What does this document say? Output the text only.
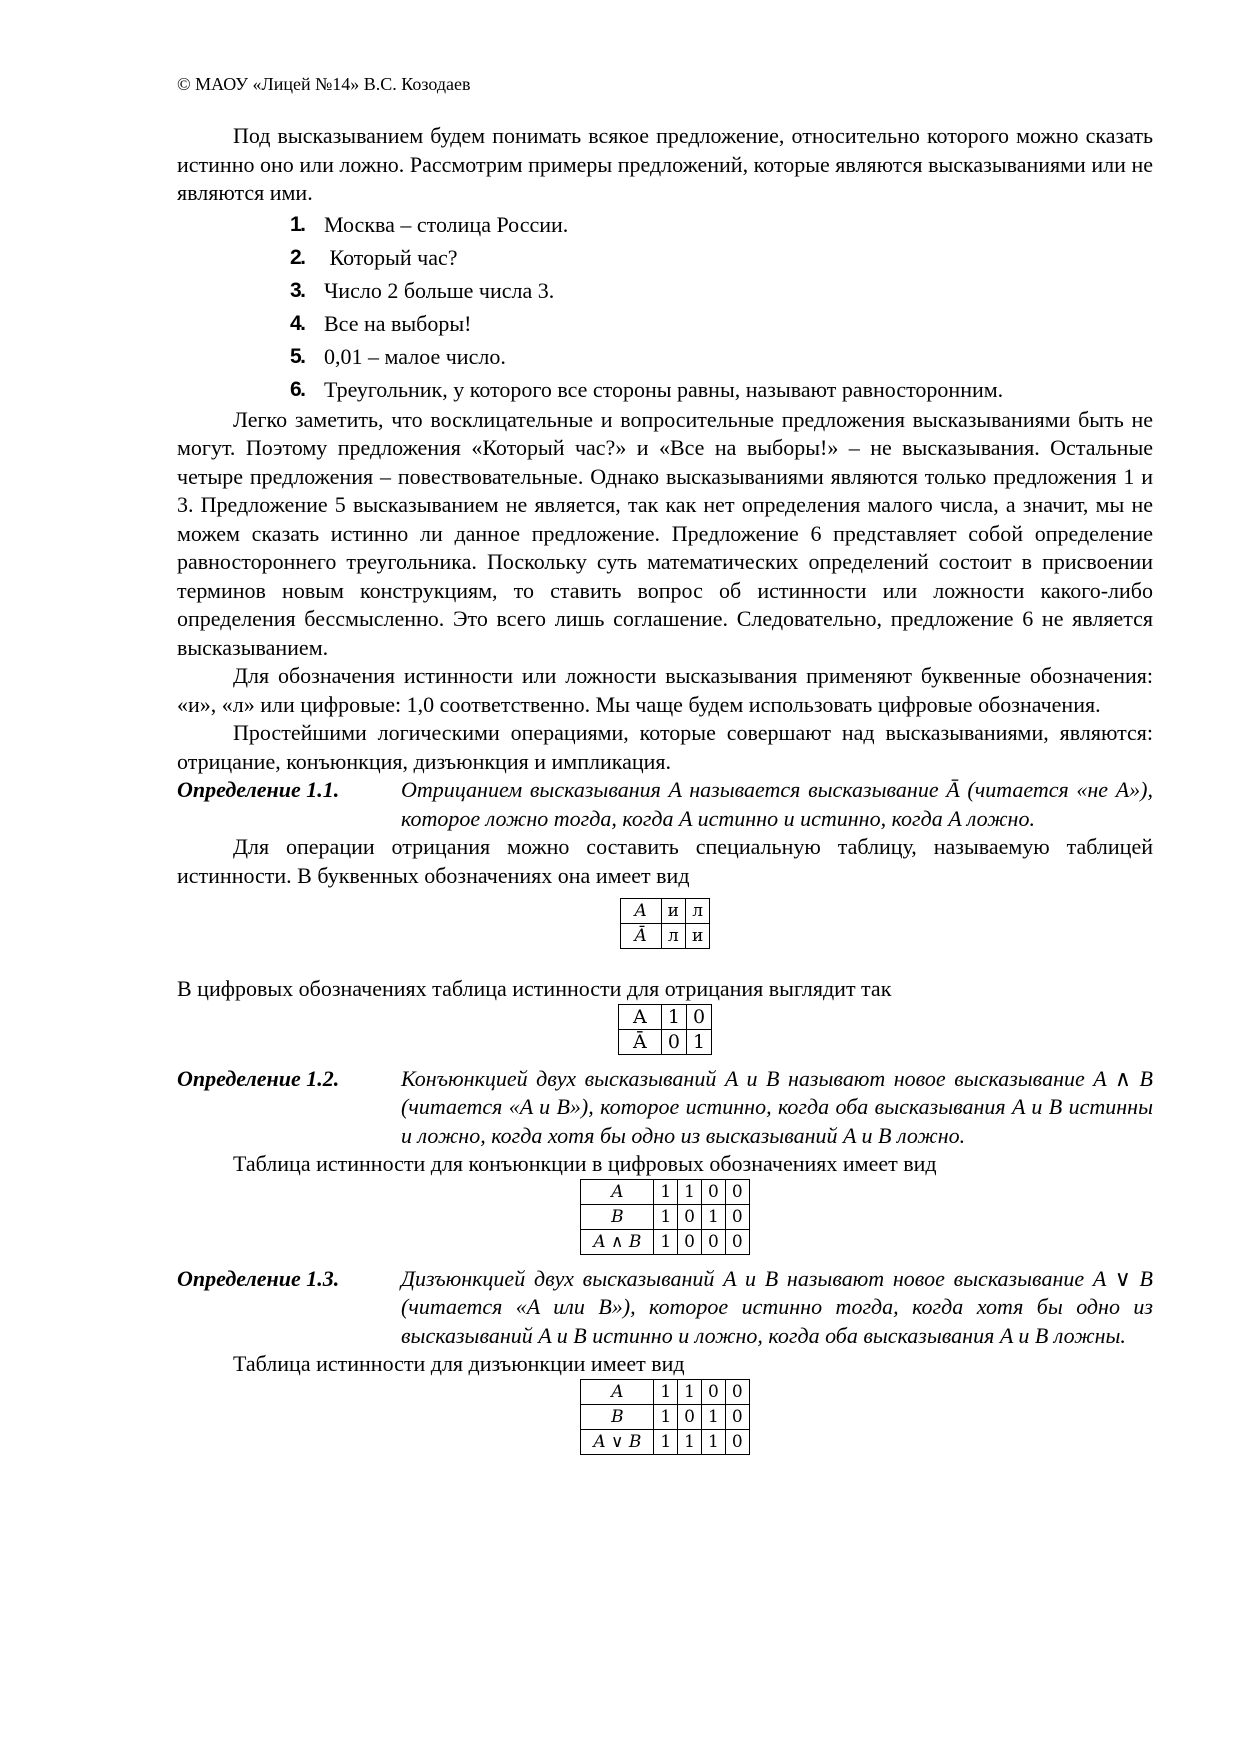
© МАОУ «Лицей №14» В.С. Козодаев

Под высказыванием будем понимать всякое предложение, относительно которого можно сказать истинно оно или ложно. Рассмотрим примеры предложений, которые являются высказываниями или не являются ими.

1. Москва – столица России.
2. Который час?
3. Число 2 больше числа 3.
4. Все на выборы!
5. 0,01 – малое число.
6. Треугольник, у которого все стороны равны, называют равносторонним.

Легко заметить, что восклицательные и вопросительные предложения высказываниями быть не могут. Поэтому предложения «Который час?» и «Все на выборы!» – не высказывания. Остальные четыре предложения – повествовательные. Однако высказываниями являются только предложения 1 и 3. Предложение 5 высказыванием не является, так как нет определения малого числа, а значит, мы не можем сказать истинно ли данное предложение. Предложение 6 представляет собой определение равностороннего треугольника. Поскольку суть математических определений состоит в присвоении терминов новым конструкциям, то ставить вопрос об истинности или ложности какого-либо определения бессмысленно. Это всего лишь соглашение. Следовательно, предложение 6 не является высказыванием.

Для обозначения истинности или ложности высказывания применяют буквенные обозначения: «и», «л» или цифровые: 1,0 соответственно. Мы чаще будем использовать цифровые обозначения.

Простейшими логическими операциями, которые совершают над высказываниями, являются: отрицание, конъюнкция, дизъюнкция и импликация.

Определение 1.1.	Отрицанием высказывания A называется высказывание Ā (читается «не A»), которое ложно тогда, когда A истинно и истинно, когда A ложно.

Для операции отрицания можно составить специальную таблицу, называемую таблицей истинности. В буквенных обозначениях она имеет вид

A	и	л
Ā	л	и

В цифровых обозначениях таблица истинности для отрицания выглядит так

A	1	0
Ā	0	1
Определение 1.2.	Конъюнкцией двух высказываний A и B называют новое высказывание A ∧ B (читается «A и B»), которое истинно, когда оба высказывания A и B истинны и ложно, когда хотя бы одно из высказываний A и B ложно.

Таблица истинности для конъюнкции в цифровых обозначениях имеет вид

A	1	1	0	0
B	1	0	1	0
A ∧ B	1	0	0	0
Определение 1.3.	Дизъюнкцией двух высказываний A и B называют новое высказывание A ∨ B (читается «A или B»), которое истинно тогда, когда хотя бы одно из высказываний A и B истинно и ложно, когда оба высказывания A и B ложны.

Таблица истинности для дизъюнкции имеет вид

A	1	1	0	0
B	1	0	1	0
A ∨ B	1	1	1	0
